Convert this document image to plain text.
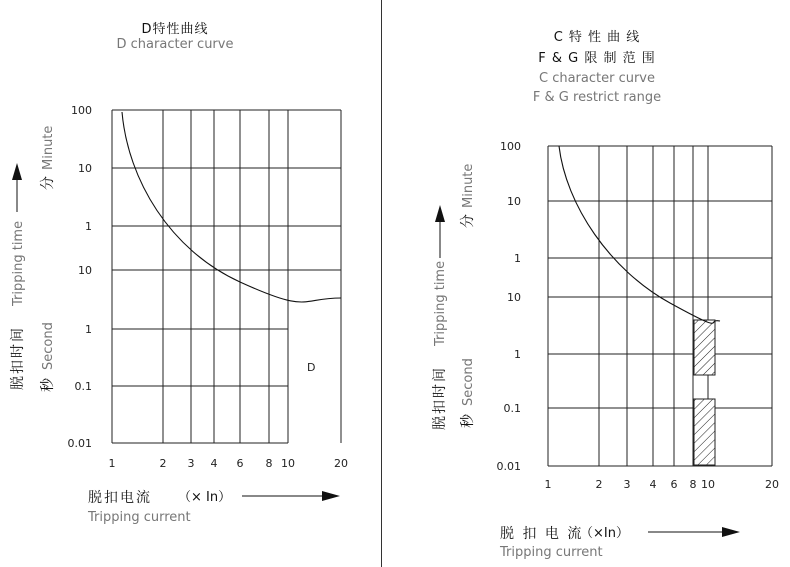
D特性曲线
D character curve
1	2 3 4 6 8 10	20
100
10
1
10
1
0.1
0.01
D
脱扣时间
Tripping time
分
Minute
秒
Second
脱扣电流 （× In）
Tripping current
C 特 性 曲 线
F & G 限 制 范 围
C character curve
F & G restrict range
1	2 3 4 6 8 10	20
100
10
1
10
1
0.1
0.01
脱扣时间
Tripping time
分
Minute
秒
Second
脱 扣 电 流
（×In）
Tripping current
